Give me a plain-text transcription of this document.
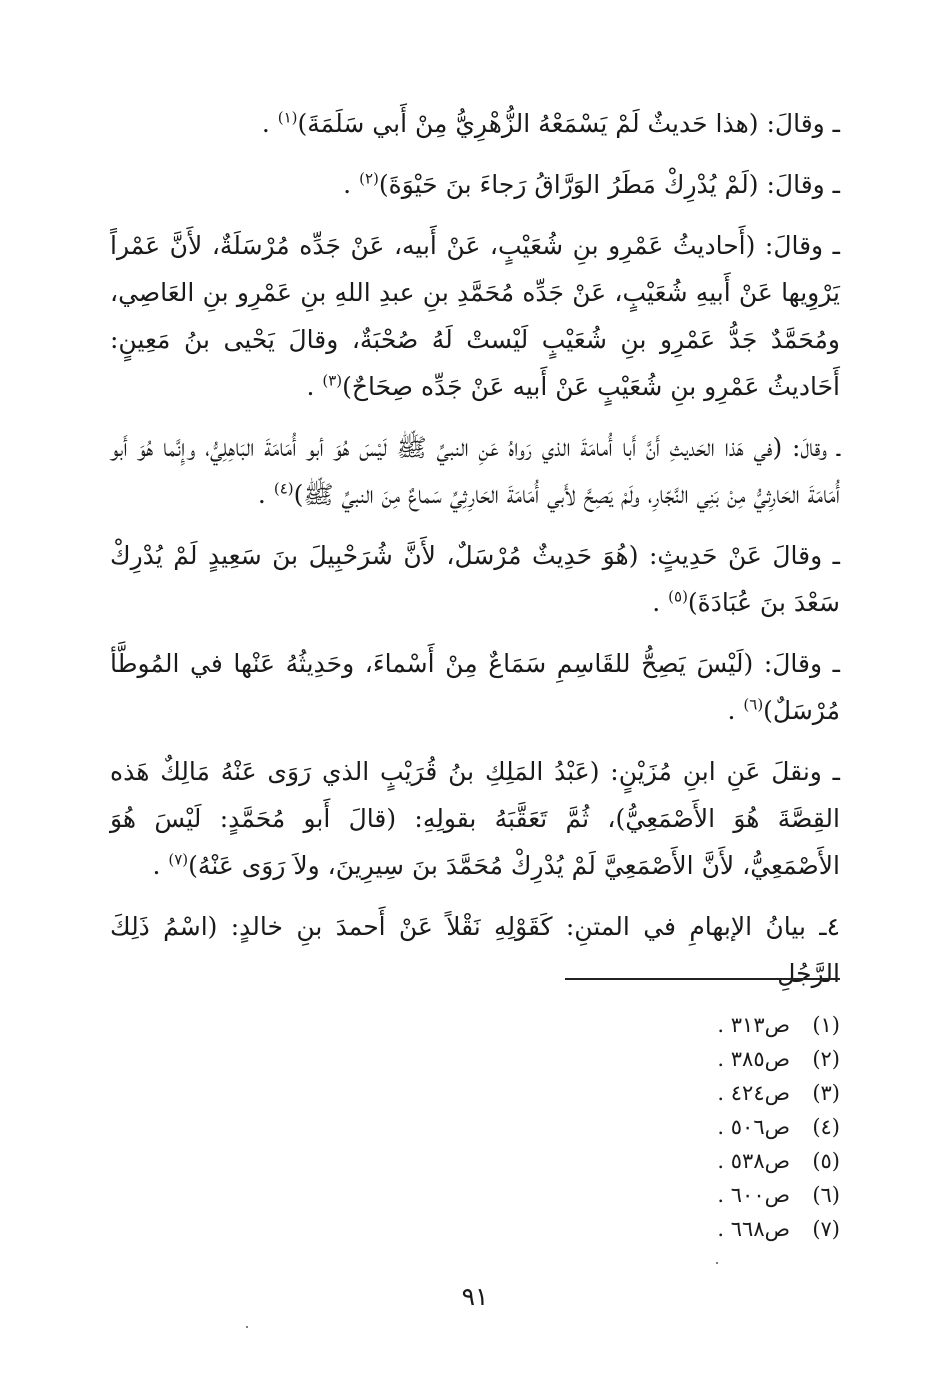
ـ وقالَ: (هذا حَديثٌ لَمْ يَسْمَعْهُ الزُّهْرِيُّ مِنْ أَبي سَلَمَةَ)$^{(١)}$ .

ـ وقالَ: (لَمْ يُدْرِكْ مَطَرُ الوَرَّاقُ رَجاءَ بنَ حَيْوَةَ)$^{(٢)}$ .

ـ وقالَ: (أَحاديثُ عَمْرِو بنِ شُعَيْبٍ، عَنْ أَبيه، عَنْ جَدِّه مُرْسَلَةٌ، لأَنَّ عَمْراً يَرْوِيها عَنْ أَبيهِ شُعَيْبٍ، عَنْ جَدِّه مُحَمَّدِ بنِ عبدِ اللهِ بنِ عَمْرِو بنِ العَاصِي، ومُحَمَّدٌ جَدُّ عَمْرِو بنِ شُعَيْبٍ لَيْستْ لَهُ صُحْبَةٌ، وقالَ يَحْيى بنُ مَعِينٍ: أَحَاديثُ عَمْرِو بنِ شُعَيْبٍ عَنْ أَبيه عَنْ جَدِّه صِحَاحٌ)$^{(٣)}$ .

ـ وقالَ: (في هَذا الحَديثِ أَنَّ أَبا أُمامَةَ الذي رَواهُ عَنِ النبيِّ ﷺ لَيْسَ هُوَ أبو أُمَامَةَ البَاهِلِيُّ، وإِنَّما هُوَ أَبو أُمَامَةَ الحَارِثيُّ مِنْ بَنِي النَّجّارِ، ولَمْ يَصِحَّ لأَبي أُمَامَةَ الحَارِثِيِّ سَماعٌ مِنَ النبيِّ ﷺ)$^{(٤)}$ .

ـ وقالَ عَنْ حَدِيثٍ: (هُوَ حَدِيثٌ مُرْسَلٌ، لأَنَّ شُرَحْبِيلَ بنَ سَعِيدٍ لَمْ يُدْرِكْ سَعْدَ بنَ عُبَادَةَ)$^{(٥)}$ .

ـ وقالَ: (لَيْسَ يَصِحُّ للقَاسِمِ سَمَاعٌ مِنْ أَسْماءَ، وحَدِيثُهُ عَنْها في المُوطَّأ مُرْسَلٌ)$^{(٦)}$ .

ـ ونقلَ عَنِ ابنِ مُزَيْنٍ: (عَبْدُ المَلِكِ بنُ قُرَيْبٍ الذي رَوَى عَنْهُ مَالِكٌ هَذه القِصَّةَ هُوَ الأَصْمَعِيُّ)، ثُمَّ تَعَقَّبَهُ بقولِهِ: (قالَ أَبو مُحَمَّدٍ: لَيْسَ هُوَ الأَصْمَعِيُّ، لأَنَّ الأَصْمَعِيَّ لَمْ يُدْرِكْ مُحَمَّدَ بنَ سِيرِينَ، ولاَ رَوَى عَنْهُ)$^{(٧)}$ .

٤ـ بيانُ الإبهامِ في المتنِ: كَقَوْلِهِ نَقْلاً عَنْ أَحمدَ بنِ خالدٍ: (اسْمُ ذَلِكَ الرَّجُلِ

(١)
ص٣١٣ .
(٢)
ص٣٨٥ .
(٣)
ص٤٢٤ .
(٤)
ص٥٠٦ .
(٥)
ص٥٣٨ .
(٦)
ص٦٠٠ .
(٧)
ص٦٦٨ .
٩١
